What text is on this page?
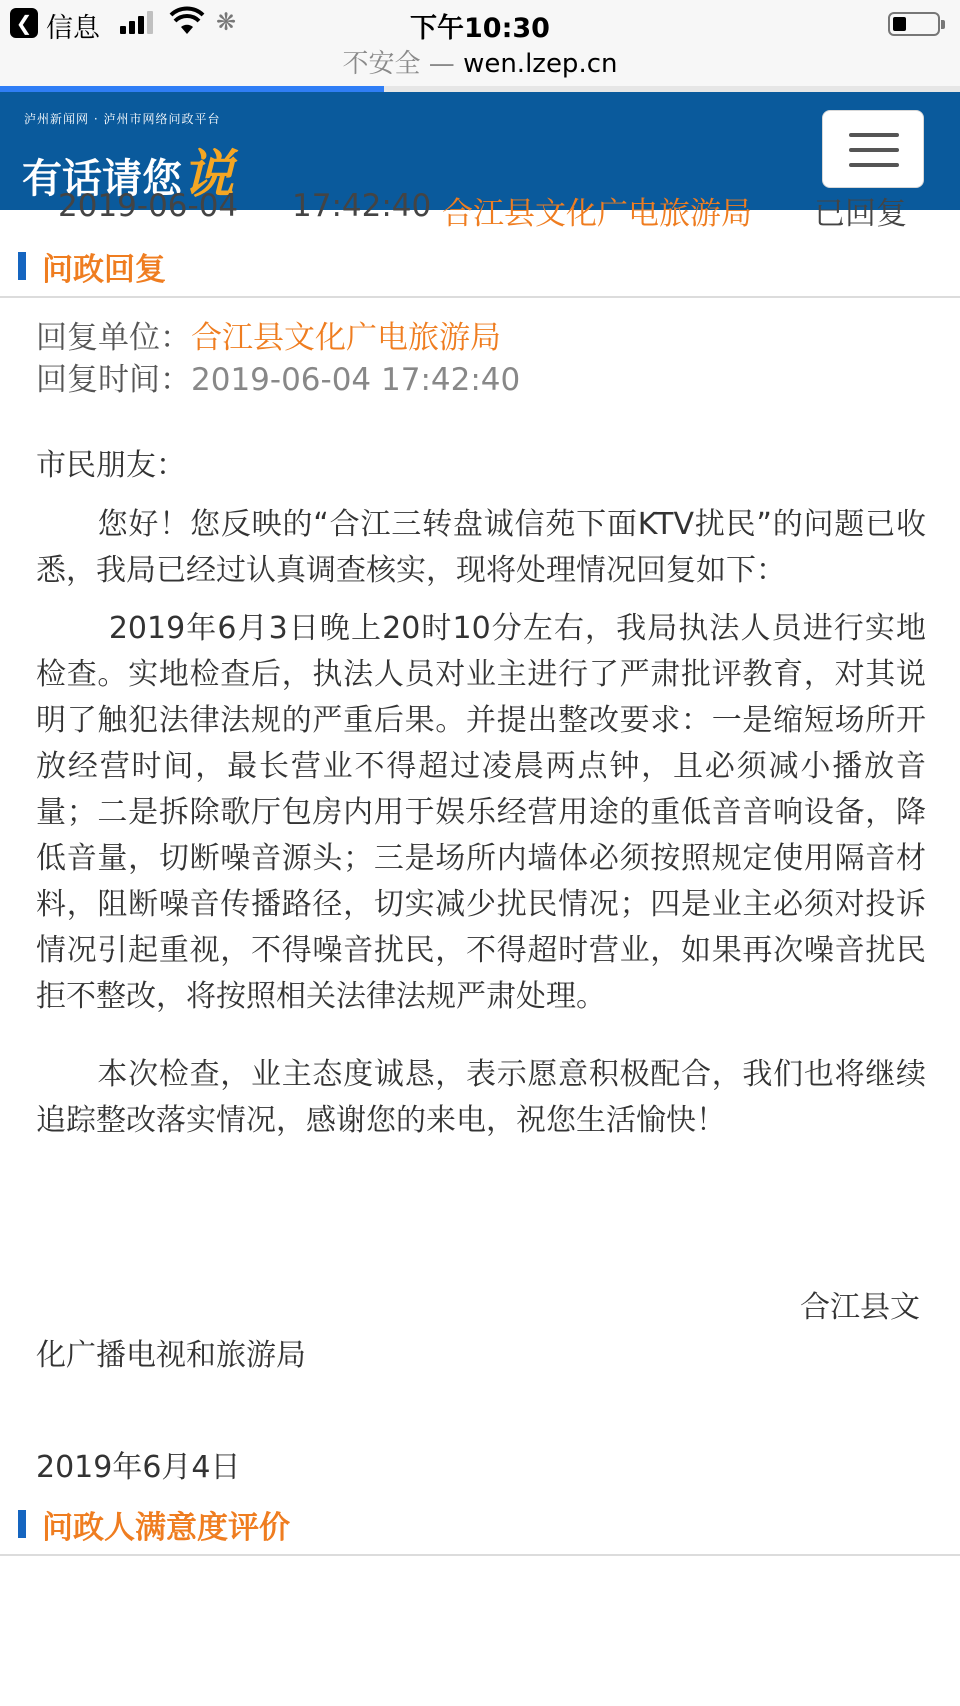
❮ 信息	❋	下午10:30
不安全 — wen.lzep.cn
泸州新闻网 · 泸州市网络问政平台
有话请您说
2019-06-04 17:42:40 合江县文化广电旅游局 已回复
问政回复
回复单位：合江县文化广电旅游局
回复时间：2019-06-04 17:42:40
市民朋友：
　　您好！您反映的“合江三转盘诚信苑下面KTV扰民”的问题已收悉，我局已经过认真调查核实，现将处理情况回复如下：
　　 2019年6月3日晚上20时10分左右，我局执法人员进行实地检查。实地检查后，执法人员对业主进行了严肃批评教育，对其说明了触犯法律法规的严重后果。并提出整改要求：一是缩短场所开放经营时间，最长营业不得超过凌晨两点钟，且必须减小播放音量；二是拆除歌厅包房内用于娱乐经营用途的重低音音响设备，降低音量，切断噪音源头；三是场所内墙体必须按照规定使用隔音材料，阻断噪音传播路径，切实减少扰民情况；四是业主必须对投诉情况引起重视，不得噪音扰民，不得超时营业，如果再次噪音扰民拒不整改，将按照相关法律法规严肃处理。
　　本次检查，业主态度诚恳，表示愿意积极配合，我们也将继续追踪整改落实情况，感谢您的来电，祝您生活愉快！
合江县文
化广播电视和旅游局
2019年6月4日
问政人满意度评价
